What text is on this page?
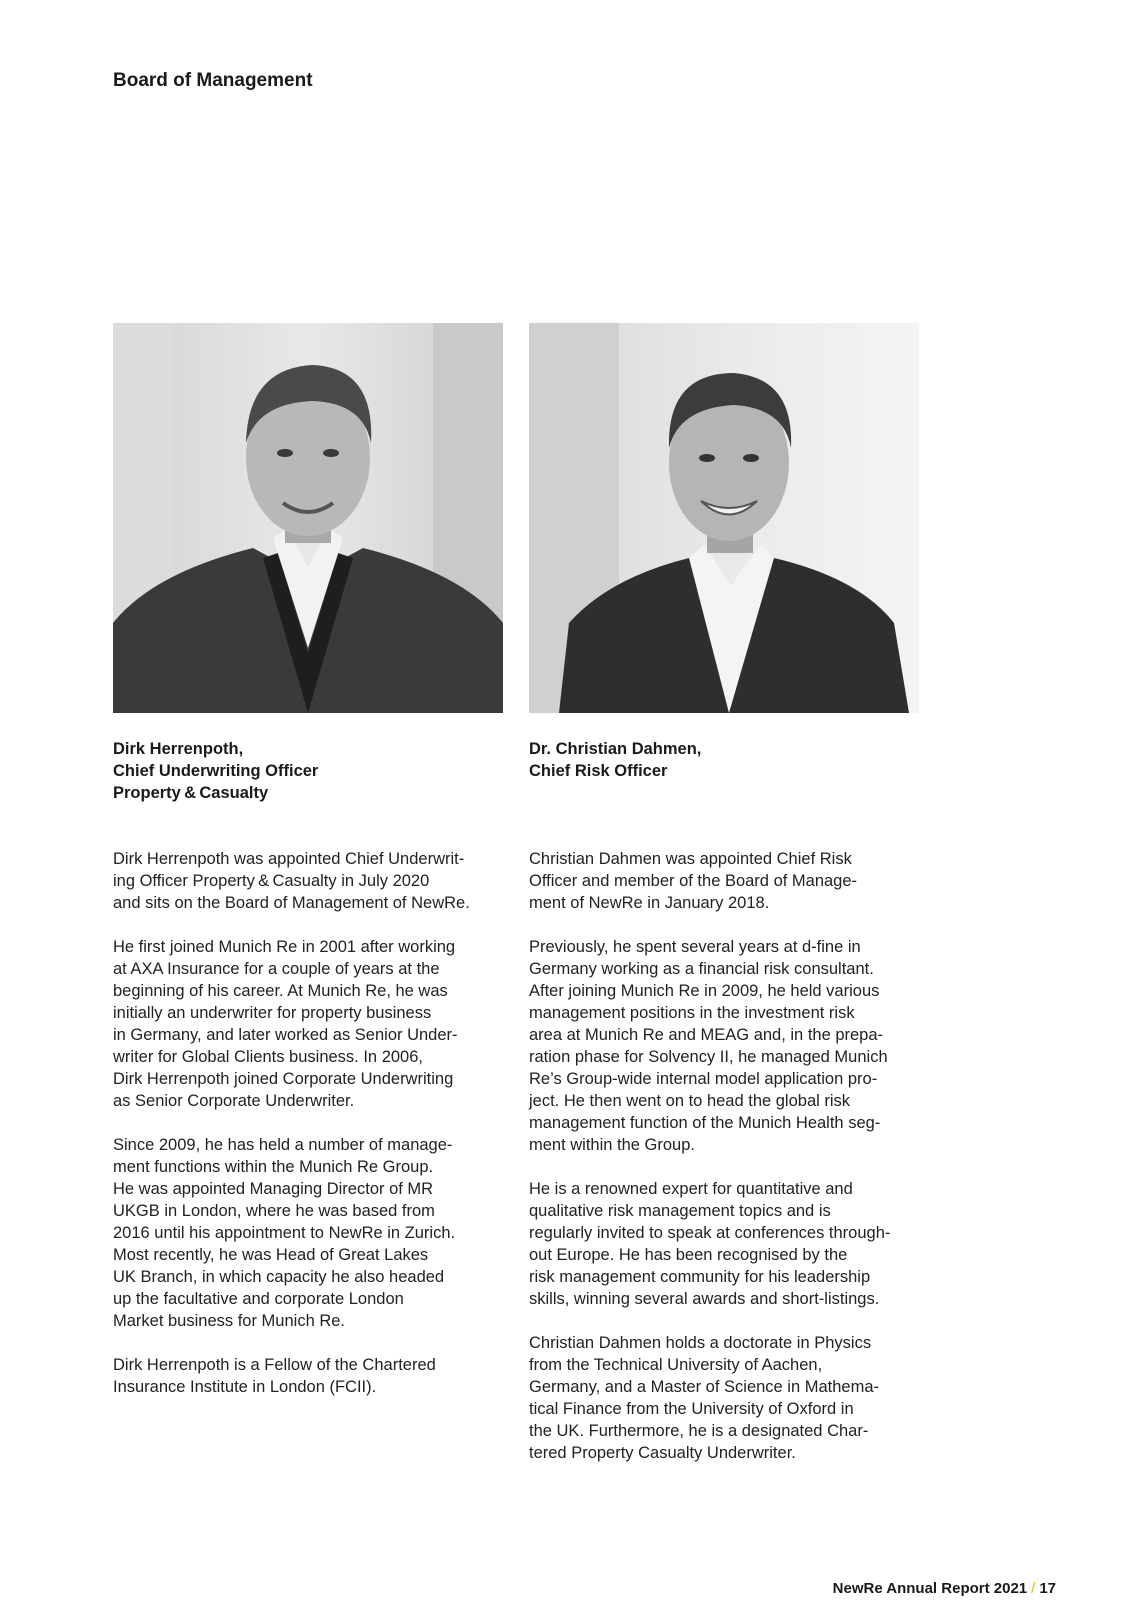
Board of Management
Dirk Herrenpoth,
Chief Underwriting Officer
Property & Casualty
Dr. Christian Dahmen,
Chief Risk Officer

Dirk Herrenpoth was appointed Chief Underwrit-
ing Officer Property & Casualty in July 2020
and sits on the Board of Management of NewRe.

He first joined Munich Re in 2001 after working
at AXA Insurance for a couple of years at the
beginning of his career. At Munich Re, he was
initially an underwriter for property business
in Germany, and later worked as Senior Under-
writer for Global Clients business. In 2006,
Dirk Herrenpoth joined Corporate Underwriting
as Senior Corporate Underwriter.

Since 2009, he has held a number of manage-
ment functions within the Munich Re Group.
He was appointed Managing Director of MR
UKGB in London, where he was based from
2016 until his appointment to NewRe in Zurich.
Most recently, he was Head of Great Lakes
UK Branch, in which capacity he also headed
up the facultative and corporate London
Market business for Munich Re.

Dirk Herrenpoth is a Fellow of the Chartered
Insurance Institute in London (FCII).

Christian Dahmen was appointed Chief Risk
Officer and member of the Board of Manage-
ment of NewRe in January 2018.

Previously, he spent several years at d-fine in
Germany working as a financial risk consultant.
After joining Munich Re in 2009, he held various
management positions in the investment risk
area at Munich Re and MEAG and, in the prepa-
ration phase for Solvency II, he managed Munich
Re’s Group-wide internal model application pro-
ject. He then went on to head the global risk
management function of the Munich Health seg-
ment within the Group.

He is a renowned expert for quantitative and
qualitative risk management topics and is
regularly invited to speak at conferences through-
out Europe. He has been recognised by the
risk management community for his leadership
skills, winning several awards and short-listings.

Christian Dahmen holds a doctorate in Physics
from the Technical University of Aachen,
Germany, and a Master of Science in Mathema-
tical Finance from the University of Oxford in
the UK. Furthermore, he is a designated Char-
tered Property Casualty Underwriter.

NewRe Annual Report 2021 / 17
